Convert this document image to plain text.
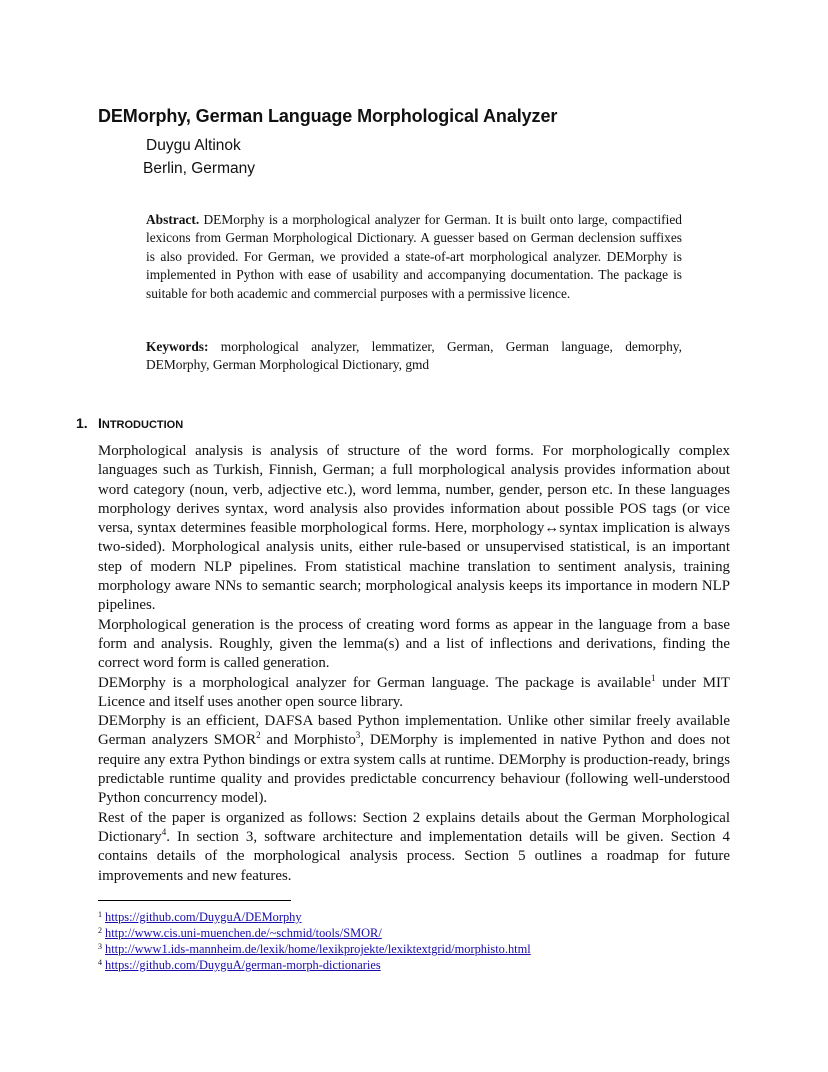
DEMorphy, German Language Morphological Analyzer
Duygu Altinok
Berlin, Germany
Abstract. DEMorphy is a morphological analyzer for German. It is built onto large, compactified lexicons from German Morphological Dictionary. A guesser based on German declension suffixes is also provided. For German, we provided a state-of-art morphological analyzer. DEMorphy is implemented in Python with ease of usability and accompanying documentation. The package is suitable for both academic and commercial purposes with a permissive licence.
Keywords: morphological analyzer, lemmatizer, German, German language, demorphy, DEMorphy, German Morphological Dictionary, gmd
1. INTRODUCTION

Morphological analysis is analysis of structure of the word forms. For morphologically complex languages such as Turkish, Finnish, German; a full morphological analysis provides information about word category (noun, verb, adjective etc.), word lemma, number, gender, person etc. In these languages morphology derives syntax, word analysis also provides information about possible POS tags (or vice versa, syntax determines feasible morphological forms. Here, morphology↔syntax implication is always two-sided). Morphological analysis units, either rule-based or unsupervised statistical, is an important step of modern NLP pipelines. From statistical machine translation to sentiment analysis, training morphology aware NNs to semantic search; morphological analysis keeps its importance in modern NLP pipelines.

Morphological generation is the process of creating word forms as appear in the language from a base form and analysis. Roughly, given the lemma(s) and a list of inflections and derivations, finding the correct word form is called generation.

DEMorphy is a morphological analyzer for German language. The package is available$^1$ under MIT Licence and itself uses another open source library.

DEMorphy is an efficient, DAFSA based Python implementation. Unlike other similar freely available German analyzers SMOR$^2$ and Morphisto$^3$, DEMorphy is implemented in native Python and does not require any extra Python bindings or extra system calls at runtime. DEMorphy is production-ready, brings predictable runtime quality and provides predictable concurrency behaviour (following well-understood Python concurrency model).

Rest of the paper is organized as follows: Section 2 explains details about the German Morphological Dictionary$^4$. In section 3, software architecture and implementation details will be given. Section 4 contains details of the morphological analysis process. Section 5 outlines a roadmap for future improvements and new features.

$^1$ https://github.com/DuyguA/DEMorphy
$^2$ http://www.cis.uni-muenchen.de/~schmid/tools/SMOR/
$^3$ http://www1.ids-mannheim.de/lexik/home/lexikprojekte/lexiktextgrid/morphisto.html
$^4$ https://github.com/DuyguA/german-morph-dictionaries
